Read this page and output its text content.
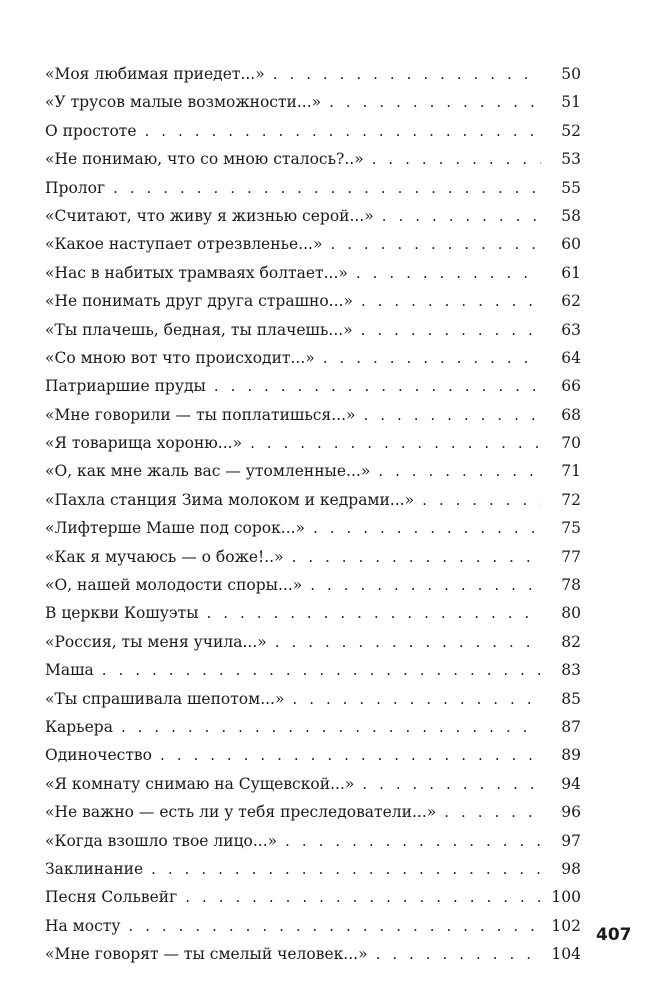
«Моя любимая приедет...» . . .	50
«У трусов малые возможности...» . . .	51
О простоте . . .	52
«Не понимаю, что со мною сталось?..» . . .	53
Пролог . . .	55
«Считают, что живу я жизнью серой...» . . .	58
«Какое наступает отрезвленье...» . . .	60
«Нас в набитых трамваях болтает...» . . .	61
«Не понимать друг друга страшно...» . . .	62
«Ты плачешь, бедная, ты плачешь...» . . .	63
«Со мною вот что происходит...» . . .	64
Патриаршие пруды . . .	66
«Мне говорили — ты поплатишься...» . . .	68
«Я товарища хороню...» . . .	70
«О, как мне жаль вас — утомленные...» . . .	71
«Пахла станция Зима молоком и кедрами...» . . .	72
«Лифтерше Маше под сорок...» . . .	75
«Как я мучаюсь — о боже!..» . . .	77
«О, нашей молодости споры...» . . .	78
В церкви Кошуэты . . .	80
«Россия, ты меня учила...» . . .	82
Маша . . .	83
«Ты спрашивала шепотом...» . . .	85
Карьера . . .	87
Одиночество . . .	89
«Я комнату снимаю на Сущевской...» . . .	94
«Не важно — есть ли у тебя преследователи...» . . .	96
«Когда взошло твое лицо...» . . .	97
Заклинание . . .	98
Песня Сольвейг . . .	100
На мосту . . .	102
«Мне говорят — ты смелый человек...» . . .	104
407
